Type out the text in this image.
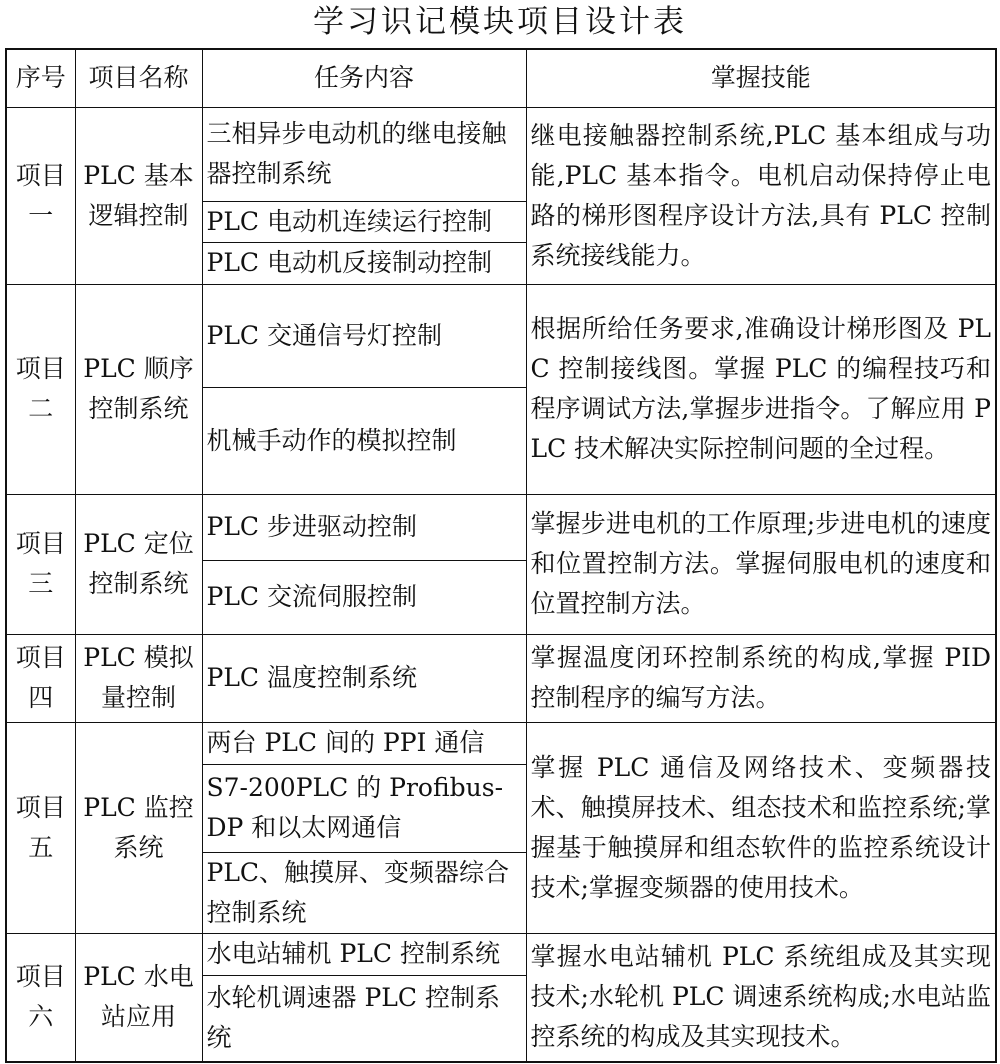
学习识记模块项目设计表
序号	项目名称	任务内容	掌握技能
项目一	PLC 基本逻辑控制	三相异步电动机的继电接触器控制系统	继电接触器控制系统,PLC 基本组成与功能,PLC 基本指令。电机启动保持停止电路的梯形图程序设计方法,具有 PLC 控制系统接线能力。
		PLC 电动机连续运行控制	
		PLC 电动机反接制动控制	
项目二	PLC 顺序控制系统	PLC 交通信号灯控制	根据所给任务要求,准确设计梯形图及 PLC 控制接线图。掌握 PLC 的编程技巧和程序调试方法,掌握步进指令。了解应用 PLC 技术解决实际控制问题的全过程。
		机械手动作的模拟控制	
项目三	PLC 定位控制系统	PLC 步进驱动控制	掌握步进电机的工作原理;步进电机的速度和位置控制方法。掌握伺服电机的速度和位置控制方法。
		PLC 交流伺服控制	
项目四	PLC 模拟量控制	PLC 温度控制系统	掌握温度闭环控制系统的构成,掌握 PID 控制程序的编写方法。
项目五	PLC 监控系统	两台 PLC 间的 PPI 通信	掌握 PLC 通信及网络技术、变频器技术、触摸屏技术、组态技术和监控系统;掌握基于触摸屏和组态软件的监控系统设计技术;掌握变频器的使用技术。
		S7-200PLC 的 Profibus-DP 和以太网通信	
		PLC、触摸屏、变频器综合控制系统	
项目六	PLC 水电站应用	水电站辅机 PLC 控制系统	掌握水电站辅机 PLC 系统组成及其实现技术;水轮机 PLC 调速系统构成;水电站监控系统的构成及其实现技术。
		水轮机调速器 PLC 控制系统	
